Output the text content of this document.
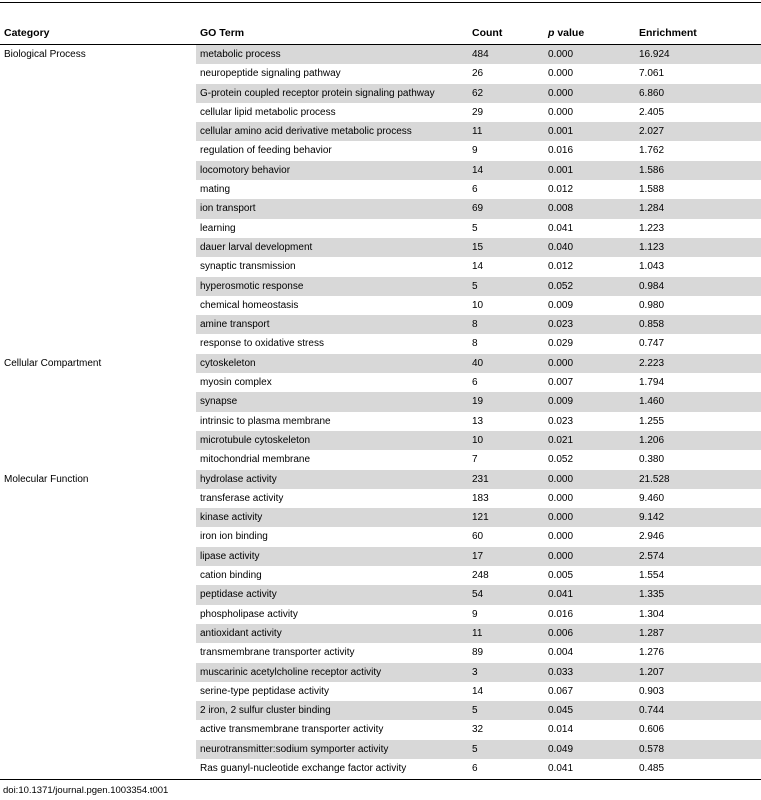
Category	GO Term	Count	p value	Enrichment
Biological Process	metabolic process	484	0.000	16.924
	neuropeptide signaling pathway	26	0.000	7.061
	G-protein coupled receptor protein signaling pathway	62	0.000	6.860
	cellular lipid metabolic process	29	0.000	2.405
	cellular amino acid derivative metabolic process	11	0.001	2.027
	regulation of feeding behavior	9	0.016	1.762
	locomotory behavior	14	0.001	1.586
	mating	6	0.012	1.588
	ion transport	69	0.008	1.284
	learning	5	0.041	1.223
	dauer larval development	15	0.040	1.123
	synaptic transmission	14	0.012	1.043
	hyperosmotic response	5	0.052	0.984
	chemical homeostasis	10	0.009	0.980
	amine transport	8	0.023	0.858
	response to oxidative stress	8	0.029	0.747
Cellular Compartment	cytoskeleton	40	0.000	2.223
	myosin complex	6	0.007	1.794
	synapse	19	0.009	1.460
	intrinsic to plasma membrane	13	0.023	1.255
	microtubule cytoskeleton	10	0.021	1.206
	mitochondrial membrane	7	0.052	0.380
Molecular Function	hydrolase activity	231	0.000	21.528
	transferase activity	183	0.000	9.460
	kinase activity	121	0.000	9.142
	iron ion binding	60	0.000	2.946
	lipase activity	17	0.000	2.574
	cation binding	248	0.005	1.554
	peptidase activity	54	0.041	1.335
	phospholipase activity	9	0.016	1.304
	antioxidant activity	11	0.006	1.287
	transmembrane transporter activity	89	0.004	1.276
	muscarinic acetylcholine receptor activity	3	0.033	1.207
	serine-type peptidase activity	14	0.067	0.903
	2 iron, 2 sulfur cluster binding	5	0.045	0.744
	active transmembrane transporter activity	32	0.014	0.606
	neurotransmitter:sodium symporter activity	5	0.049	0.578
	Ras guanyl-nucleotide exchange factor activity	6	0.041	0.485
doi:10.1371/journal.pgen.1003354.t001
